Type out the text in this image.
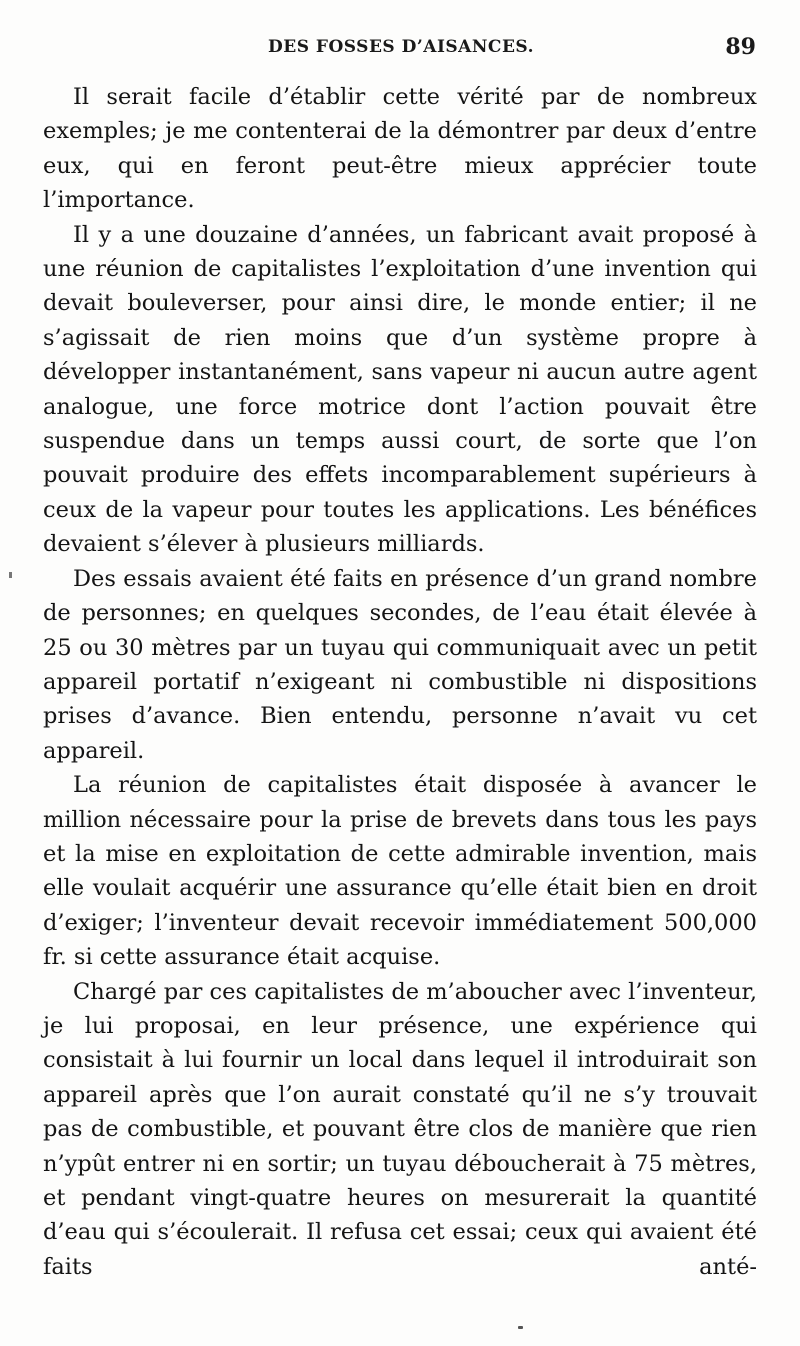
DES FOSSES D’AISANCES.	89

Il serait facile d’établir cette vérité par de nombreux exemples; je me contenterai de la démontrer par deux d’entre eux, qui en feront peut-être mieux apprécier toute l’importance.

Il y a une douzaine d’années, un fabricant avait proposé à une réunion de capitalistes l’exploitation d’une invention qui devait bouleverser, pour ainsi dire, le monde entier; il ne s’agissait de rien moins que d’un système propre à développer instantanément, sans vapeur ni aucun autre agent analogue, une force motrice dont l’action pouvait être suspendue dans un temps aussi court, de sorte que l’on pouvait produire des effets incomparablement supérieurs à ceux de la vapeur pour toutes les applications. Les bénéfices devaient s’élever à plusieurs milliards.

Des essais avaient été faits en présence d’un grand nombre de personnes; en quelques secondes, de l’eau était élevée à 25 ou 30 mètres par un tuyau qui communiquait avec un petit appareil portatif n’exigeant ni combustible ni dispositions prises d’avance. Bien entendu, personne n’avait vu cet appareil.

La réunion de capitalistes était disposée à avancer le million nécessaire pour la prise de brevets dans tous les pays et la mise en exploitation de cette admirable invention, mais elle voulait acquérir une assurance qu’elle était bien en droit d’exiger; l’inventeur devait recevoir immédiatement 500,000 fr. si cette assurance était acquise.

Chargé par ces capitalistes de m’aboucher avec l’inventeur, je lui proposai, en leur présence, une expérience qui consistait à lui fournir un local dans lequel il introduirait son appareil après que l’on aurait constaté qu’il ne s’y trouvait pas de combustible, et pouvant être clos de manière que rien n’ypût entrer ni en sortir; un tuyau déboucherait à 75 mètres, et pendant vingt-quatre heures on mesurerait la quantité d’eau qui s’écoulerait. Il refusa cet essai; ceux qui avaient été faits anté-
